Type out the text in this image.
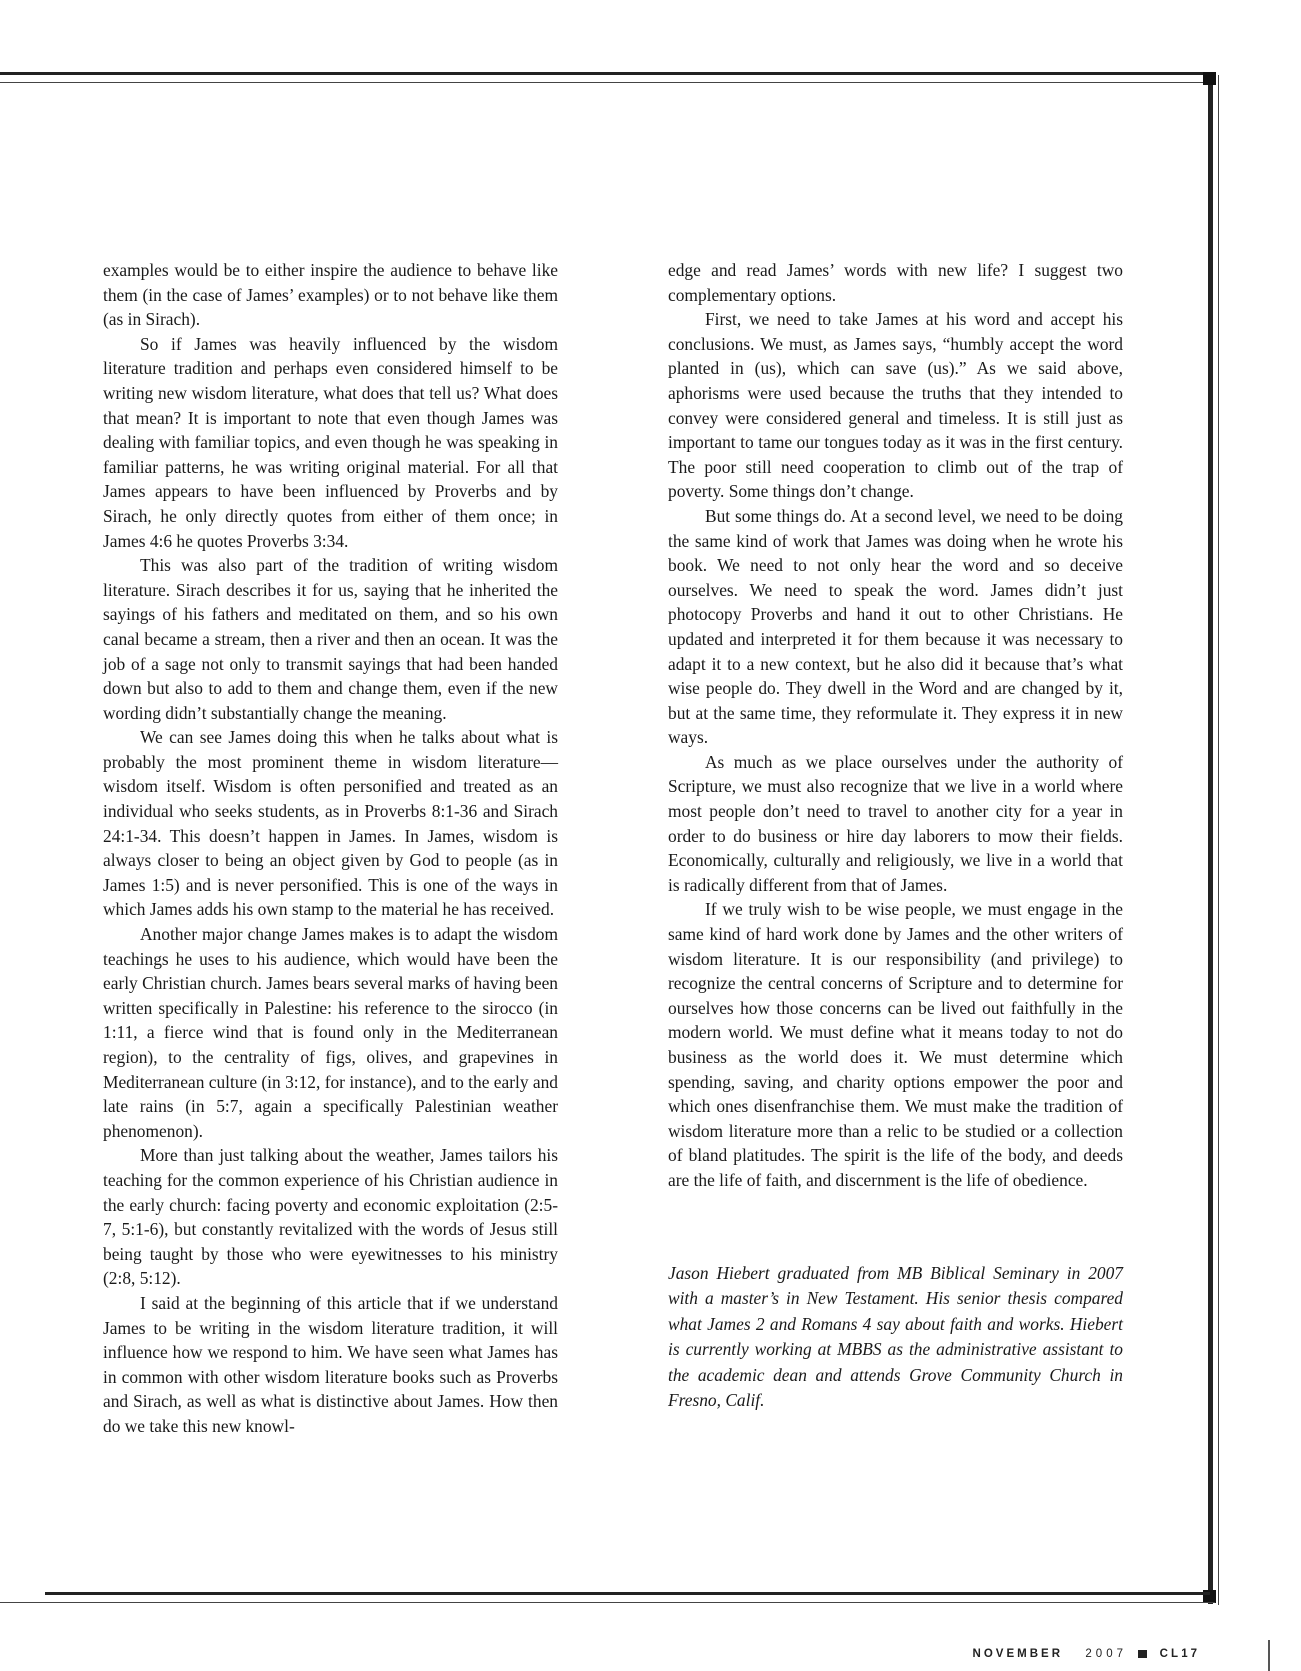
examples would be to either inspire the audience to behave like them (in the case of James’ examples) or to not behave like them (as in Sirach).

So if James was heavily influenced by the wisdom literature tradition and perhaps even considered himself to be writing new wisdom literature, what does that tell us? What does that mean? It is important to note that even though James was dealing with familiar topics, and even though he was speaking in familiar patterns, he was writing original material. For all that James appears to have been influenced by Proverbs and by Sirach, he only directly quotes from either of them once; in James 4:6 he quotes Proverbs 3:34.

This was also part of the tradition of writing wisdom literature. Sirach describes it for us, saying that he inherited the sayings of his fathers and meditated on them, and so his own canal became a stream, then a river and then an ocean. It was the job of a sage not only to transmit sayings that had been handed down but also to add to them and change them, even if the new wording didn’t substantially change the meaning.

We can see James doing this when he talks about what is probably the most prominent theme in wisdom literature—wisdom itself. Wisdom is often personified and treated as an individual who seeks students, as in Proverbs 8:1-36 and Sirach 24:1-34. This doesn’t happen in James. In James, wisdom is always closer to being an object given by God to people (as in James 1:5) and is never personified. This is one of the ways in which James adds his own stamp to the material he has received.

Another major change James makes is to adapt the wisdom teachings he uses to his audience, which would have been the early Christian church. James bears several marks of having been written specifically in Palestine: his reference to the sirocco (in 1:11, a fierce wind that is found only in the Mediterranean region), to the centrality of figs, olives, and grapevines in Mediterranean culture (in 3:12, for instance), and to the early and late rains (in 5:7, again a specifically Palestinian weather phenomenon).

More than just talking about the weather, James tailors his teaching for the common experience of his Christian audience in the early church: facing poverty and economic exploitation (2:5-7, 5:1-6), but constantly revitalized with the words of Jesus still being taught by those who were eyewitnesses to his ministry (2:8, 5:12).

I said at the beginning of this article that if we understand James to be writing in the wisdom literature tradition, it will influence how we respond to him. We have seen what James has in common with other wisdom literature books such as Proverbs and Sirach, as well as what is distinctive about James. How then do we take this new knowl-

edge and read James’ words with new life? I suggest two complementary options.

First, we need to take James at his word and accept his conclusions. We must, as James says, “humbly accept the word planted in (us), which can save (us).” As we said above, aphorisms were used because the truths that they intended to convey were considered general and timeless. It is still just as important to tame our tongues today as it was in the first century. The poor still need cooperation to climb out of the trap of poverty. Some things don’t change.

But some things do. At a second level, we need to be doing the same kind of work that James was doing when he wrote his book. We need to not only hear the word and so deceive ourselves. We need to speak the word. James didn’t just photocopy Proverbs and hand it out to other Christians. He updated and interpreted it for them because it was necessary to adapt it to a new context, but he also did it because that’s what wise people do. They dwell in the Word and are changed by it, but at the same time, they reformulate it. They express it in new ways.

As much as we place ourselves under the authority of Scripture, we must also recognize that we live in a world where most people don’t need to travel to another city for a year in order to do business or hire day laborers to mow their fields. Economically, culturally and religiously, we live in a world that is radically different from that of James.

If we truly wish to be wise people, we must engage in the same kind of hard work done by James and the other writers of wisdom literature. It is our responsibility (and privilege) to recognize the central concerns of Scripture and to determine for ourselves how those concerns can be lived out faithfully in the modern world. We must define what it means today to not do business as the world does it. We must determine which spending, saving, and charity options empower the poor and which ones disenfranchise them. We must make the tradition of wisdom literature more than a relic to be studied or a collection of bland platitudes. The spirit is the life of the body, and deeds are the life of faith, and discernment is the life of obedience.

Jason Hiebert graduated from MB Biblical Seminary in 2007 with a master’s in New Testament. His senior thesis compared what James 2 and Romans 4 say about faith and works. Hiebert is currently working at MBBS as the administrative assistant to the academic dean and attends Grove Community Church in Fresno, Calif.

NOVEMBER 2007	CL 17
